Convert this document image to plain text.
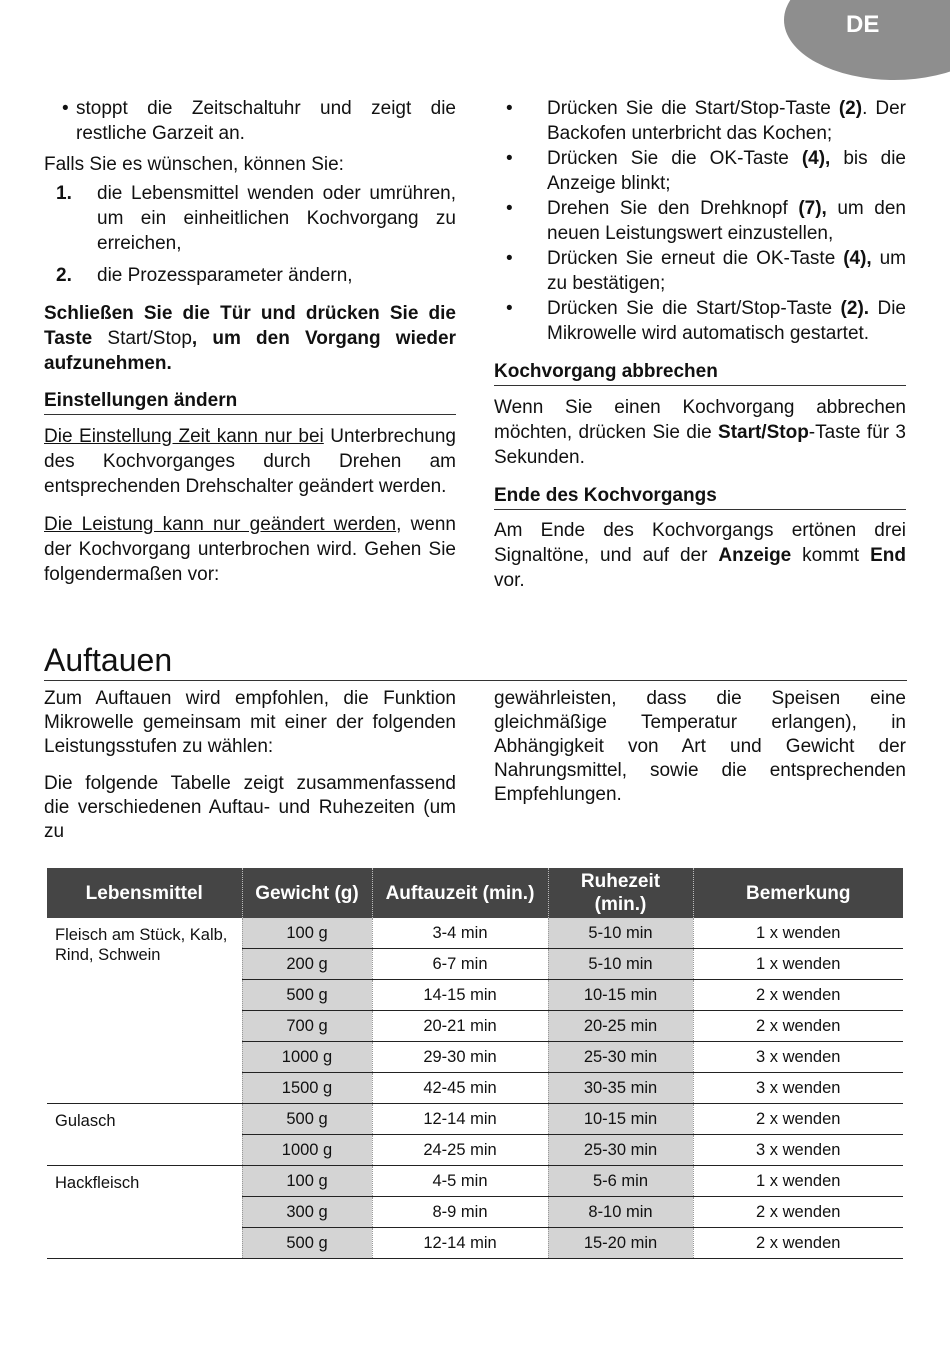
DE
• stoppt die Zeitschaltuhr und zeigt die restliche Garzeit an.

Falls Sie es wünschen, können Sie:

1.	die Lebensmittel wenden oder umrühren, um ein einheitlichen Kochvorgang zu erreichen,
2.	die Prozessparameter ändern,

Schließen Sie die Tür und drücken Sie die Taste Start/Stop, um den Vorgang wieder aufzunehmen.

Einstellungen ändern

Die Einstellung Zeit kann nur bei Unterbrechung des Kochvorganges durch Drehen am entsprechenden Drehschalter geändert werden.

Die Leistung kann nur geändert werden, wenn der Kochvorgang unterbrochen wird. Gehen Sie folgendermaßen vor:

•	Drücken Sie die Start/Stop-Taste (2). Der Backofen unterbricht das Kochen;
•	Drücken Sie die OK-Taste (4), bis die Anzeige blinkt;
•	Drehen Sie den Drehknopf (7), um den neuen Leistungswert einzustellen,
•	Drücken Sie erneut die OK-Taste (4), um zu bestätigen;
•	Drücken Sie die Start/Stop-Taste (2). Die Mikrowelle wird automatisch gestartet.
Kochvorgang abbrechen

Wenn Sie einen Kochvorgang abbrechen möchten, drücken Sie die Start/Stop-Taste für 3 Sekunden.

Ende des Kochvorgangs

Am Ende des Kochvorgangs ertönen drei Signaltöne, und auf der Anzeige kommt End vor.

Auftauen

Zum Auftauen wird empfohlen, die Funktion Mikrowelle gemeinsam mit einer der folgenden Leistungsstufen zu wählen:

Die folgende Tabelle zeigt zusammenfassend die verschiedenen Auftau- und Ruhezeiten (um zu

gewährleisten, dass die Speisen eine gleichmäßige Temperatur erlangen), in Abhängigkeit von Art und Gewicht der Nahrungsmittel, sowie die entsprechenden Empfehlungen.

Lebensmittel	Gewicht (g)	Auftauzeit (min.)	Ruhezeit (min.)	Bemerkung
Fleisch am Stück, Kalb, Rind, Schwein	100 g	3-4 min	5-10 min	1 x wenden
	200 g	6-7 min	5-10 min	1 x wenden
	500 g	14-15 min	10-15 min	2 x wenden
	700 g	20-21 min	20-25 min	2 x wenden
	1000 g	29-30 min	25-30 min	3 x wenden
	1500 g	42-45 min	30-35 min	3 x wenden
Gulasch	500 g	12-14 min	10-15 min	2 x wenden
	1000 g	24-25 min	25-30 min	3 x wenden
Hackfleisch	100 g	4-5 min	5-6 min	1 x wenden
	300 g	8-9 min	8-10 min	2 x wenden
	500 g	12-14 min	15-20 min	2 x wenden
